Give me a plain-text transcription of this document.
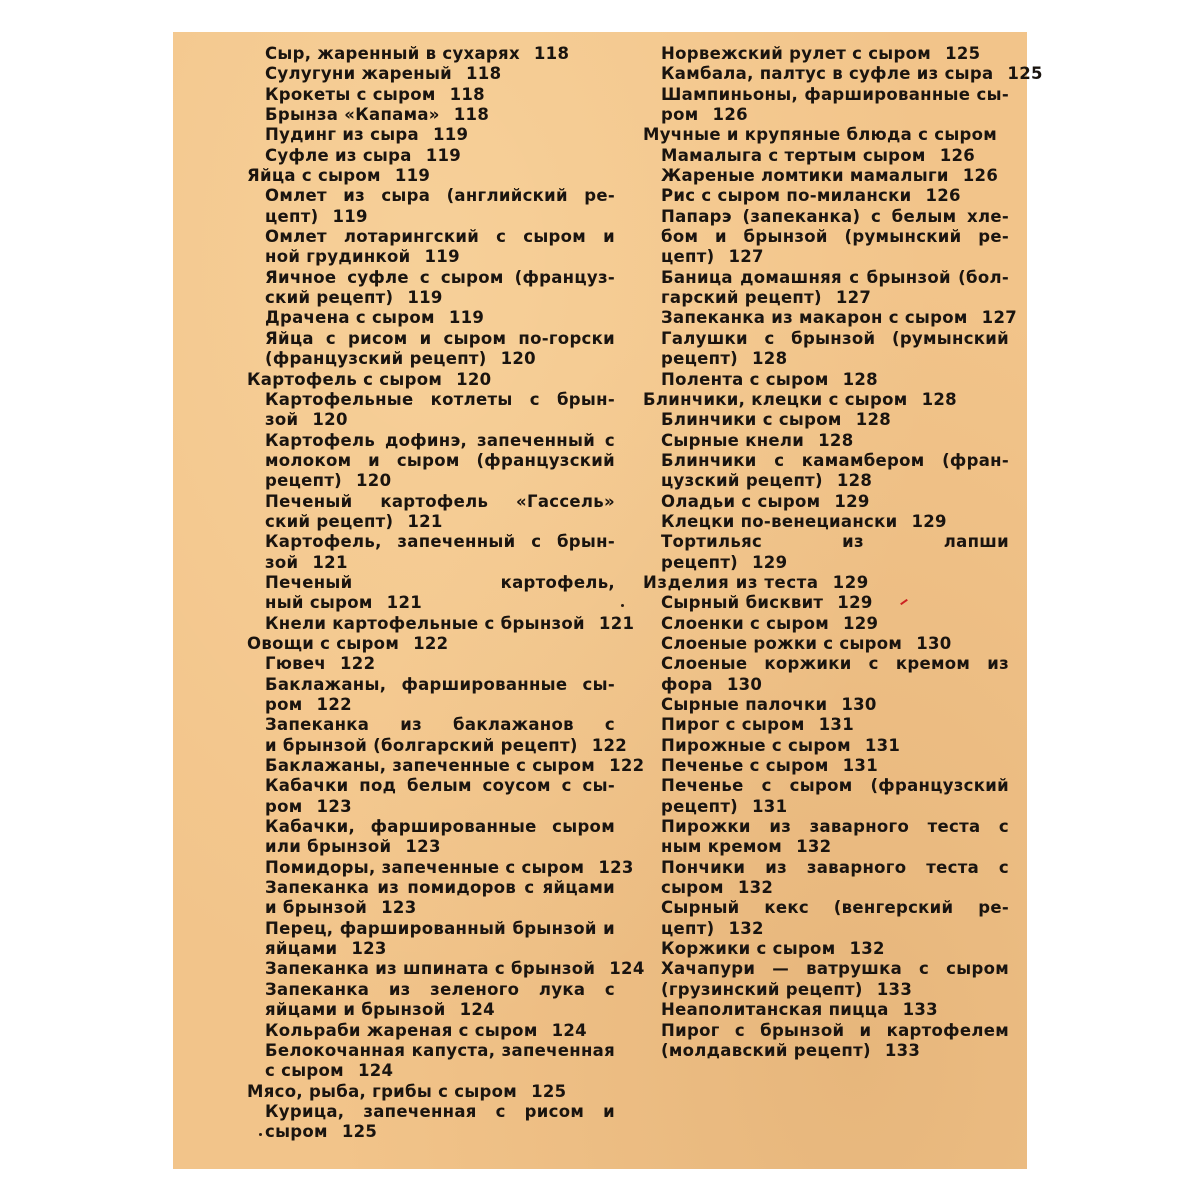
Сыр, жаренный в сухарях 118
Сулугуни жареный 118
Крокеты с сыром 118
Брынза «Капама» 118
Пудинг из сыра 119
Суфле из сыра 119
Яйца с сыром 119
Омлет из сыра (английский ре-
цепт) 119
Омлет лотарингский с сыром и
ной грудинкой 119
Яичное суфле с сыром (француз-
ский рецепт) 119
Драчена с сыром 119
Яйца с рисом и сыром по-горски
(французский рецепт) 120
Картофель с сыром 120
Картофельные котлеты с брын-
зой 120
Картофель дофинэ, запеченный с
молоком и сыром (французский
рецепт) 120
Печеный картофель «Гассель»
ский рецепт) 121
Картофель, запеченный с брын-
зой 121
Печеный картофель,
ный сыром 121
Кнели картофельные с брынзой 121
Овощи с сыром 122
Гювеч 122
Баклажаны, фаршированные сы-
ром 122
Запеканка из баклажанов с
и брынзой (болгарский рецепт) 122
Баклажаны, запеченные с сыром 122
Кабачки под белым соусом с сы-
ром 123
Кабачки, фаршированные сыром
или брынзой 123
Помидоры, запеченные с сыром 123
Запеканка из помидоров с яйцами
и брынзой 123
Перец, фаршированный брынзой и
яйцами 123
Запеканка из шпината с брынзой 124
Запеканка из зеленого лука с
яйцами и брынзой 124
Кольраби жареная с сыром 124
Белокочанная капуста, запеченная
с сыром 124
Мясо, рыба, грибы с сыром 125
Курица, запеченная с рисом и
сыром 125
Норвежский рулет с сыром 125
Камбала, палтус в суфле из сыра 125
Шампиньоны, фаршированные сы-
ром 126
Мучные и крупяные блюда с сыром
Мамалыга с тертым сыром 126
Жареные ломтики мамалыги 126
Рис с сыром по-милански 126
Папарэ (запеканка) с белым хле-
бом и брынзой (румынский ре-
цепт) 127
Баница домашняя с брынзой (бол-
гарский рецепт) 127
Запеканка из макарон с сыром 127
Галушки с брынзой (румынский
рецепт) 128
Полента с сыром 128
Блинчики, клецки с сыром 128
Блинчики с сыром 128
Сырные кнели 128
Блинчики с камамбером (фран-
цузский рецепт) 128
Оладьи с сыром 129
Клецки по-венециански 129
Тортильяс из лапши
рецепт) 129
Изделия из теста 129
Сырный бисквит 129
Слоенки с сыром 129
Слоеные рожки с сыром 130
Слоеные коржики с кремом из
фора 130
Сырные палочки 130
Пирог с сыром 131
Пирожные с сыром 131
Печенье с сыром 131
Печенье с сыром (французский
рецепт) 131
Пирожки из заварного теста с
ным кремом 132
Пончики из заварного теста с
сыром 132
Сырный кекс (венгерский ре-
цепт) 132
Коржики с сыром 132
Хачапури — ватрушка с сыром
(грузинский рецепт) 133
Неаполитанская пицца 133
Пирог с брынзой и картофелем
(молдавский рецепт) 133
